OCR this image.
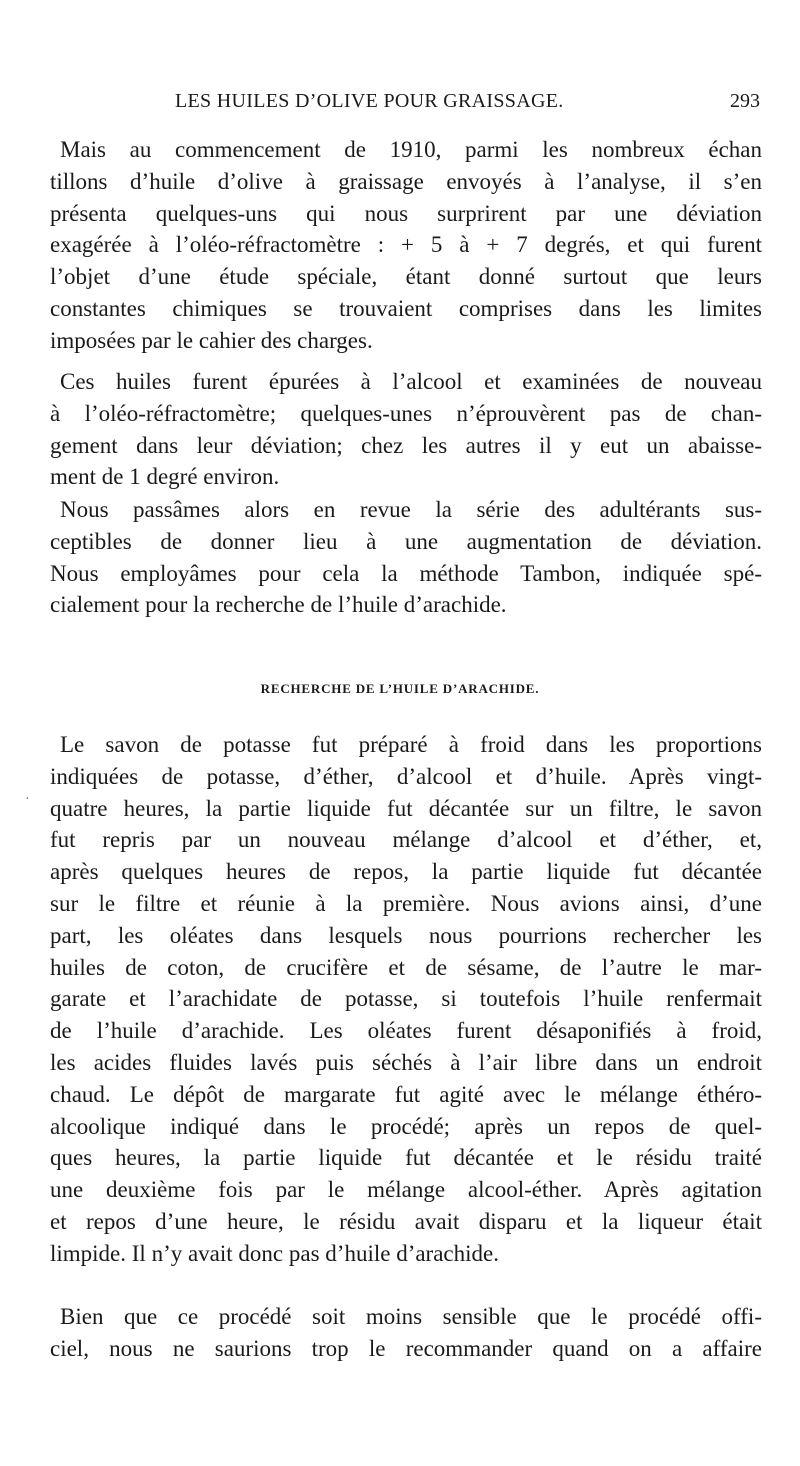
LES HUILES D’OLIVE POUR GRAISSAGE.	293
Mais au commencement de 1910, parmi les nombreux échan
tillons d’huile d’olive à graissage envoyés à l’analyse, il s’en
présenta quelques-uns qui nous surprirent par une déviation
exagérée à l’oléo-réfractomètre : + 5 à + 7 degrés, et qui furent
l’objet d’une étude spéciale, étant donné surtout que leurs
constantes chimiques se trouvaient comprises dans les limites
imposées par le cahier des charges.
Ces huiles furent épurées à l’alcool et examinées de nouveau
à l’oléo-réfractomètre; quelques-unes n’éprouvèrent pas de chan-
gement dans leur déviation; chez les autres il y eut un abaisse-
ment de 1 degré environ.
Nous passâmes alors en revue la série des adultérants sus-
ceptibles de donner lieu à une augmentation de déviation.
Nous employâmes pour cela la méthode Tambon, indiquée spé-
cialement pour la recherche de l’huile d’arachide.
RECHERCHE DE L’HUILE D’ARACHIDE.
·
Le savon de potasse fut préparé à froid dans les proportions
indiquées de potasse, d’éther, d’alcool et d’huile. Après vingt-
quatre heures, la partie liquide fut décantée sur un filtre, le savon
fut repris par un nouveau mélange d’alcool et d’éther, et,
après quelques heures de repos, la partie liquide fut décantée
sur le filtre et réunie à la première. Nous avions ainsi, d’une
part, les oléates dans lesquels nous pourrions rechercher les
huiles de coton, de crucifère et de sésame, de l’autre le mar-
garate et l’arachidate de potasse, si toutefois l’huile renfermait
de l’huile d’arachide. Les oléates furent désaponifiés à froid,
les acides fluides lavés puis séchés à l’air libre dans un endroit
chaud. Le dépôt de margarate fut agité avec le mélange éthéro-
alcoolique indiqué dans le procédé; après un repos de quel-
ques heures, la partie liquide fut décantée et le résidu traité
une deuxième fois par le mélange alcool-éther. Après agitation
et repos d’une heure, le résidu avait disparu et la liqueur était
limpide. Il n’y avait donc pas d’huile d’arachide.
Bien que ce procédé soit moins sensible que le procédé offi-
ciel, nous ne saurions trop le recommander quand on a affaire
